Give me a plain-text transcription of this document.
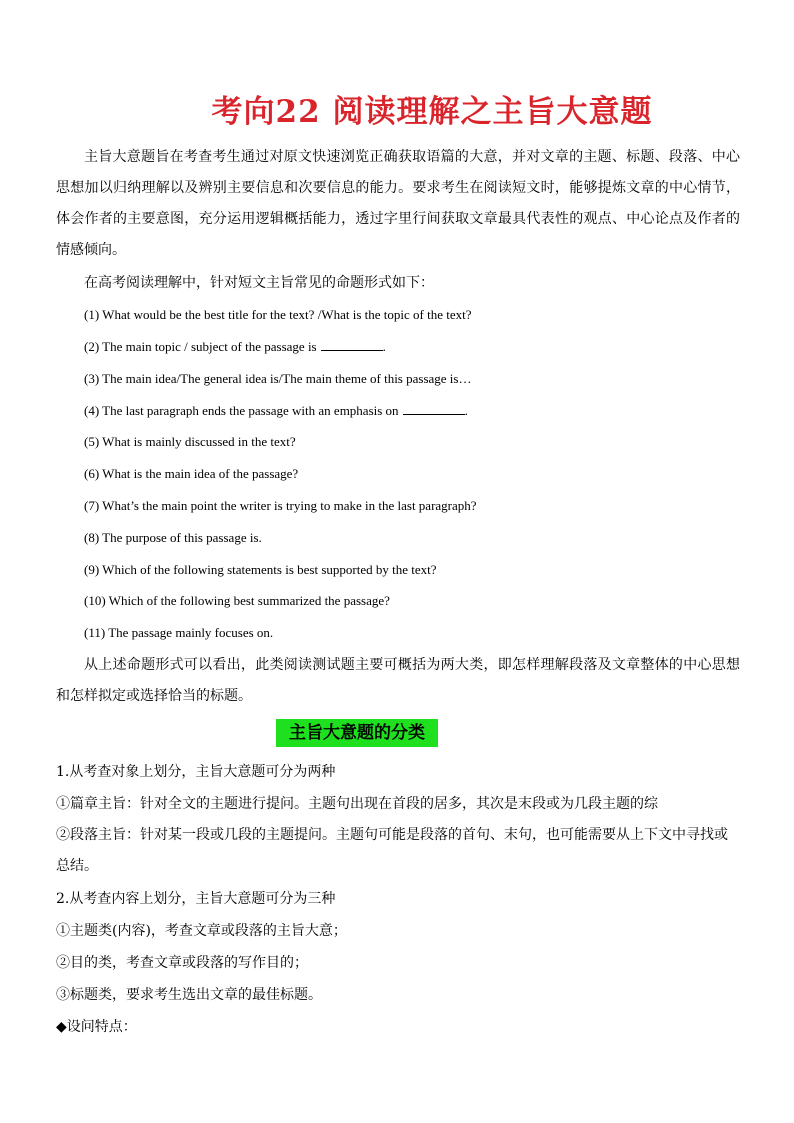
考向22 阅读理解之主旨大意题

主旨大意题旨在考查考生通过对原文快速浏览正确获取语篇的大意，并对文章的主题、标题、段落、中心思想加以归纳理解以及辨别主要信息和次要信息的能力。要求考生在阅读短文时，能够提炼文章的中心情节，体会作者的主要意图，充分运用逻辑概括能力，透过字里行间获取文章最具代表性的观点、中心论点及作者的情感倾向。

在高考阅读理解中，针对短文主旨常见的命题形式如下：

(1) What would be the best title for the text? /What is the topic of the text?
(2) The main topic / subject of the passage is	.
(3) The main idea/The general idea is/The main theme of this passage is…
(4) The last paragraph ends the passage with an emphasis on	.
(5) What is mainly discussed in the text?
(6) What is the main idea of the passage?
(7) What’s the main point the writer is trying to make in the last paragraph?
(8) The purpose of this passage is.
(9) Which of the following statements is best supported by the text?
(10) Which of the following best summarized the passage?
(11) The passage mainly focuses on.

从上述命题形式可以看出，此类阅读测试题主要可概括为两大类，即怎样理解段落及文章整体的中心思想和怎样拟定或选择恰当的标题。

主旨大意题的分类
1.从考查对象上划分，主旨大意题可分为两种
①篇章主旨：针对全文的主题进行提问。主题句出现在首段的居多，其次是末段或为几段主题的综

②段落主旨：针对某一段或几段的主题提问。主题句可能是段落的首句、末句，也可能需要从上下文中寻找或总结。

2.从考查内容上划分，主旨大意题可分为三种
①主题类(内容)，考查文章或段落的主旨大意；
②目的类，考查文章或段落的写作目的；
③标题类，要求考生选出文章的最佳标题。
◆设问特点：
